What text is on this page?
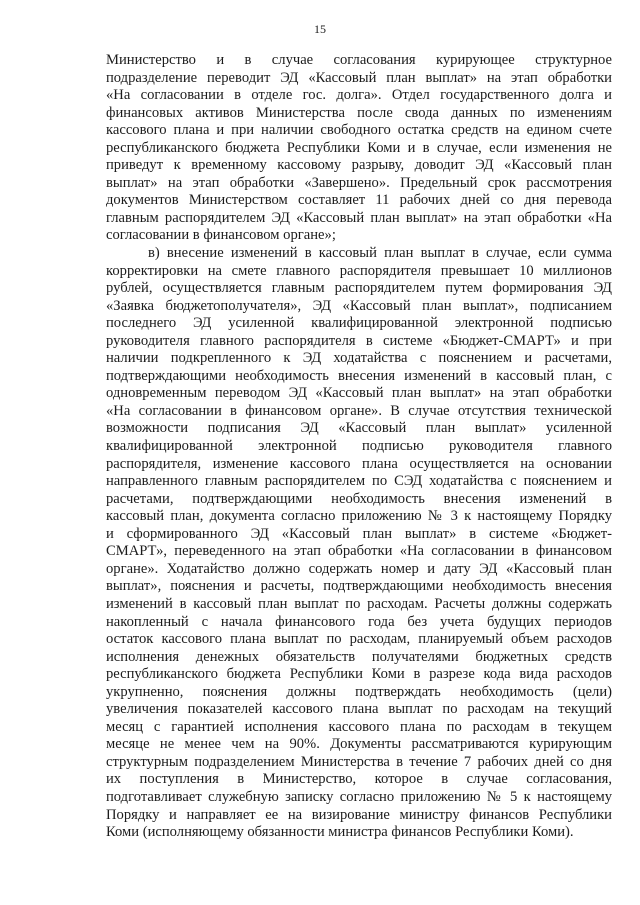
15
Министерство и в случае согласования курирующее структурное
подразделение переводит ЭД «Кассовый план выплат» на этап обработки
«На согласовании в отделе гос. долга». Отдел государственного долга и
финансовых активов Министерства после свода данных по изменениям
кассового плана и при наличии свободного остатка средств на едином счете
республиканского бюджета Республики Коми и в случае, если изменения не
приведут к временному кассовому разрыву, доводит ЭД «Кассовый план
выплат» на этап обработки «Завершено». Предельный срок рассмотрения
документов Министерством составляет 11 рабочих дней со дня перевода
главным распорядителем ЭД «Кассовый план выплат» на этап обработки «На
согласовании в финансовом органе»;
в) внесение изменений в кассовый план выплат в случае, если сумма
корректировки на смете главного распорядителя превышает 10 миллионов
рублей, осуществляется главным распорядителем путем формирования ЭД
«Заявка бюджетополучателя», ЭД «Кассовый план выплат», подписанием
последнего ЭД усиленной квалифицированной электронной подписью
руководителя главного распорядителя в системе «Бюджет-СМАРТ» и при
наличии подкрепленного к ЭД ходатайства с пояснением и расчетами,
подтверждающими необходимость внесения изменений в кассовый план, с
одновременным переводом ЭД «Кассовый план выплат» на этап обработки
«На согласовании в финансовом органе». В случае отсутствия технической
возможности подписания ЭД «Кассовый план выплат» усиленной
квалифицированной электронной подписью руководителя главного
распорядителя, изменение кассового плана осуществляется на основании
направленного главным распорядителем по СЭД ходатайства с пояснением и
расчетами, подтверждающими необходимость внесения изменений в
кассовый план, документа согласно приложению № 3 к настоящему Порядку
и сформированного ЭД «Кассовый план выплат» в системе «Бюджет-
СМАРТ», переведенного на этап обработки «На согласовании в финансовом
органе». Ходатайство должно содержать номер и дату ЭД «Кассовый план
выплат», пояснения и расчеты, подтверждающими необходимость внесения
изменений в кассовый план выплат по расходам. Расчеты должны содержать
накопленный с начала финансового года без учета будущих периодов
остаток кассового плана выплат по расходам, планируемый объем расходов
исполнения денежных обязательств получателями бюджетных средств
республиканского бюджета Республики Коми в разрезе кода вида расходов
укрупненно, пояснения должны подтверждать необходимость (цели)
увеличения показателей кассового плана выплат по расходам на текущий
месяц с гарантией исполнения кассового плана по расходам в текущем
месяце не менее чем на 90%. Документы рассматриваются курирующим
структурным подразделением Министерства в течение 7 рабочих дней со дня
их поступления в Министерство, которое в случае согласования,
подготавливает служебную записку согласно приложению № 5 к настоящему
Порядку и направляет ее на визирование министру финансов Республики
Коми (исполняющему обязанности министра финансов Республики Коми).
